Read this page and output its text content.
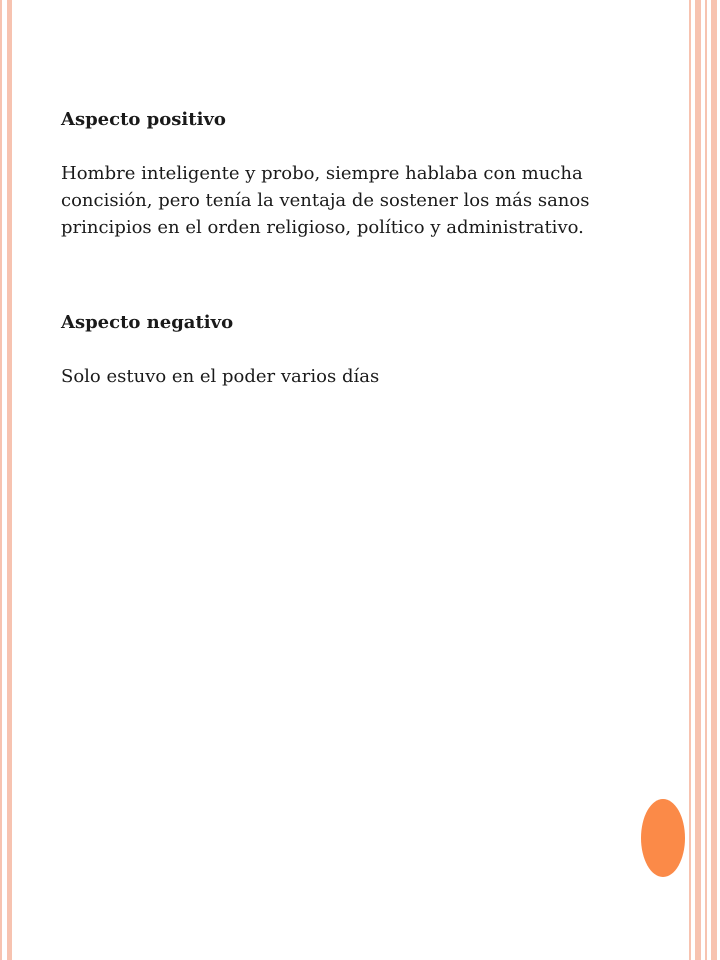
Aspecto positivo

Hombre inteligente y probo, siempre hablaba con mucha concisión, pero tenía la ventaja de sostener los más sanos principios en el orden religioso, político y administrativo.

Aspecto negativo

Solo estuvo en el poder varios días
